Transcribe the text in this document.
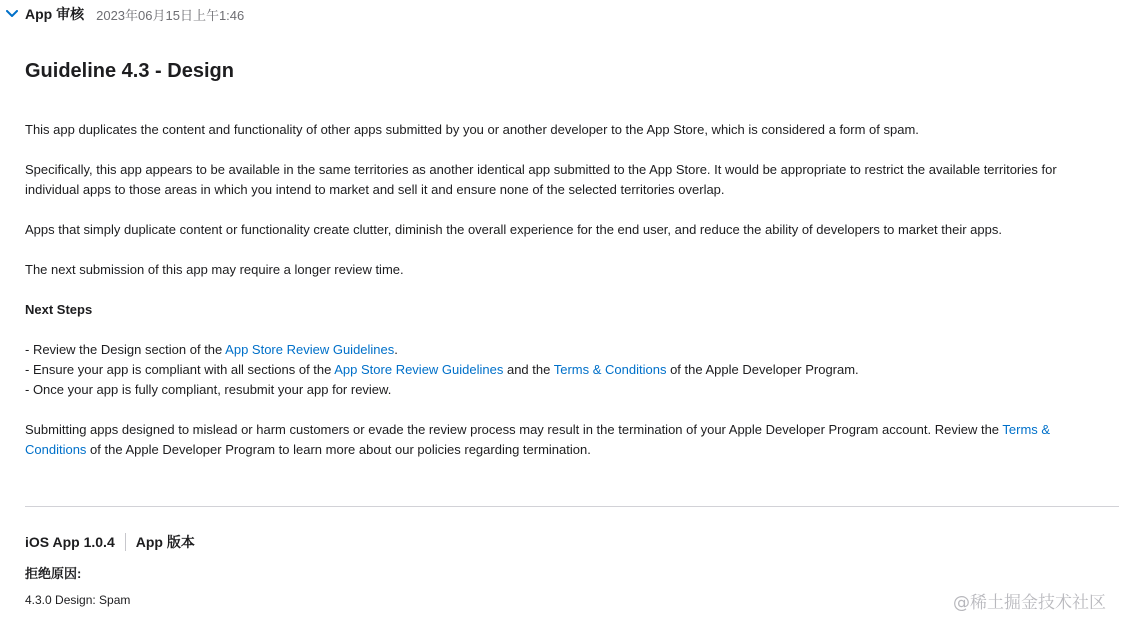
App 审核 2023年06月15日上午1:46
Guideline 4.3 - Design

This app duplicates the content and functionality of other apps submitted by you or another developer to the App Store, which is considered a form of spam.

Specifically, this app appears to be available in the same territories as another identical app submitted to the App Store. It would be appropriate to restrict the available territories for
individual apps to those areas in which you intend to market and sell it and ensure none of the selected territories overlap.

Apps that simply duplicate content or functionality create clutter, diminish the overall experience for the end user, and reduce the ability of developers to market their apps.

The next submission of this app may require a longer review time.

Next Steps

- Review the Design section of the App Store Review Guidelines.
- Ensure your app is compliant with all sections of the App Store Review Guidelines and the Terms & Conditions of the Apple Developer Program.
- Once your app is fully compliant, resubmit your app for review.

Submitting apps designed to mislead or harm customers or evade the review process may result in the termination of your Apple Developer Program account. Review the Terms &
Conditions of the Apple Developer Program to learn more about our policies regarding termination.

iOS App 1.0.4 App 版本
拒绝原因:
4.3.0 Design: Spam	@稀土掘金技术社区
